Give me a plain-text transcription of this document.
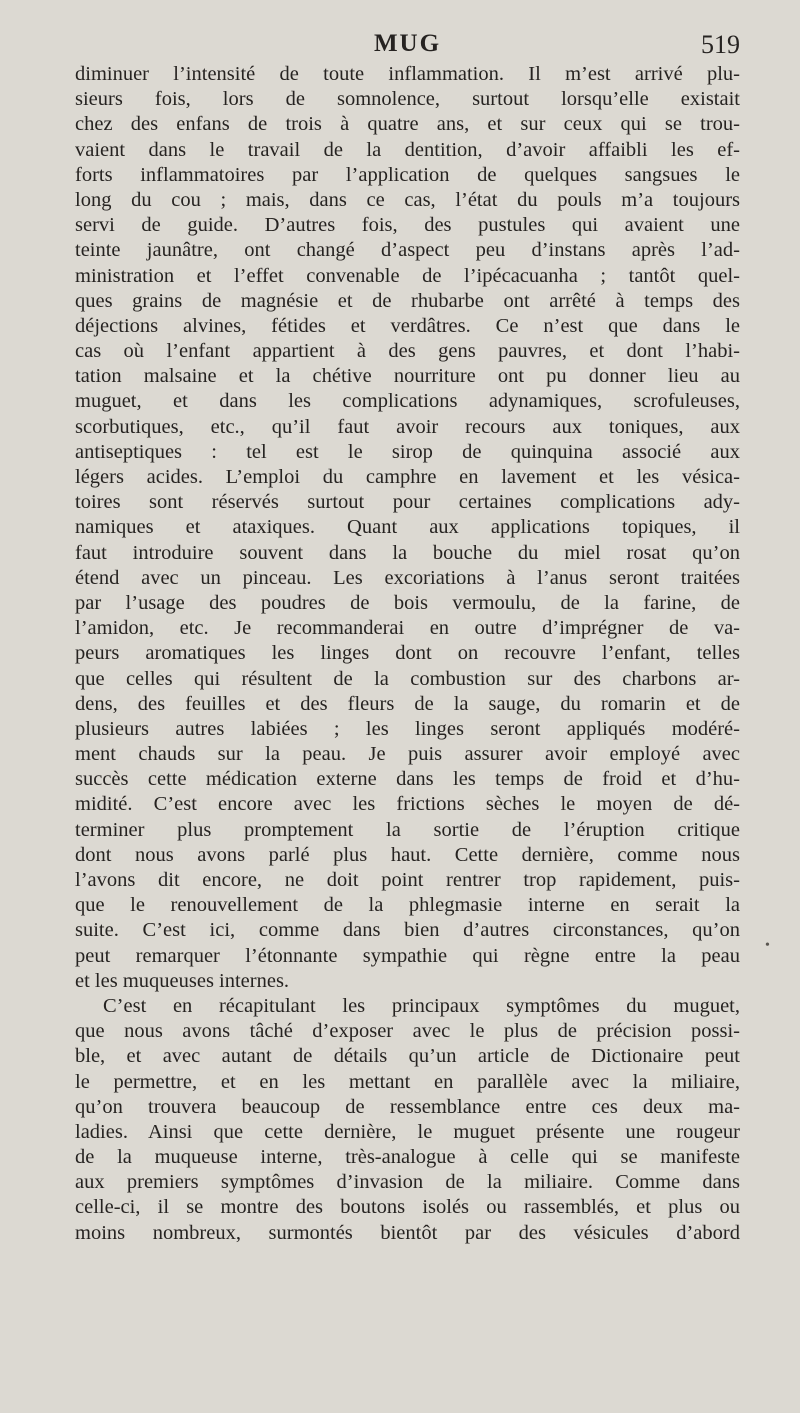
MUG	519
diminuer l’intensité de toute inflammation. Il m’est arrivé plu-
sieurs fois, lors de somnolence, surtout lorsqu’elle existait
chez des enfans de trois à quatre ans, et sur ceux qui se trou-
vaient dans le travail de la dentition, d’avoir affaibli les ef-
forts inflammatoires par l’application de quelques sangsues le
long du cou ; mais, dans ce cas, l’état du pouls m’a toujours
servi de guide. D’autres fois, des pustules qui avaient une
teinte jaunâtre, ont changé d’aspect peu d’instans après l’ad-
ministration et l’effet convenable de l’ipécacuanha ; tantôt quel-
ques grains de magnésie et de rhubarbe ont arrêté à temps des
déjections alvines, fétides et verdâtres. Ce n’est que dans le
cas où l’enfant appartient à des gens pauvres, et dont l’habi-
tation malsaine et la chétive nourriture ont pu donner lieu au
muguet, et dans les complications adynamiques, scrofuleuses,
scorbutiques, etc., qu’il faut avoir recours aux toniques, aux
antiseptiques : tel est le sirop de quinquina associé aux
légers acides. L’emploi du camphre en lavement et les vésica-
toires sont réservés surtout pour certaines complications ady-
namiques et ataxiques. Quant aux applications topiques, il
faut introduire souvent dans la bouche du miel rosat qu’on
étend avec un pinceau. Les excoriations à l’anus seront traitées
par l’usage des poudres de bois vermoulu, de la farine, de
l’amidon, etc. Je recommanderai en outre d’imprégner de va-
peurs aromatiques les linges dont on recouvre l’enfant, telles
que celles qui résultent de la combustion sur des charbons ar-
dens, des feuilles et des fleurs de la sauge, du romarin et de
plusieurs autres labiées ; les linges seront appliqués modéré-
ment chauds sur la peau. Je puis assurer avoir employé avec
succès cette médication externe dans les temps de froid et d’hu-
midité. C’est encore avec les frictions sèches le moyen de dé-
terminer plus promptement la sortie de l’éruption critique
dont nous avons parlé plus haut. Cette dernière, comme nous
l’avons dit encore, ne doit point rentrer trop rapidement, puis-
que le renouvellement de la phlegmasie interne en serait la
suite. C’est ici, comme dans bien d’autres circonstances, qu’on
peut remarquer l’étonnante sympathie qui règne entre la peau
et les muqueuses internes.
C’est en récapitulant les principaux symptômes du muguet,
que nous avons tâché d’exposer avec le plus de précision possi-
ble, et avec autant de détails qu’un article de Dictionaire peut
le permettre, et en les mettant en parallèle avec la miliaire,
qu’on trouvera beaucoup de ressemblance entre ces deux ma-
ladies. Ainsi que cette dernière, le muguet présente une rougeur
de la muqueuse interne, très-analogue à celle qui se manifeste
aux premiers symptômes d’invasion de la miliaire. Comme dans
celle-ci, il se montre des boutons isolés ou rassemblés, et plus ou
moins nombreux, surmontés bientôt par des vésicules d’abord
•
